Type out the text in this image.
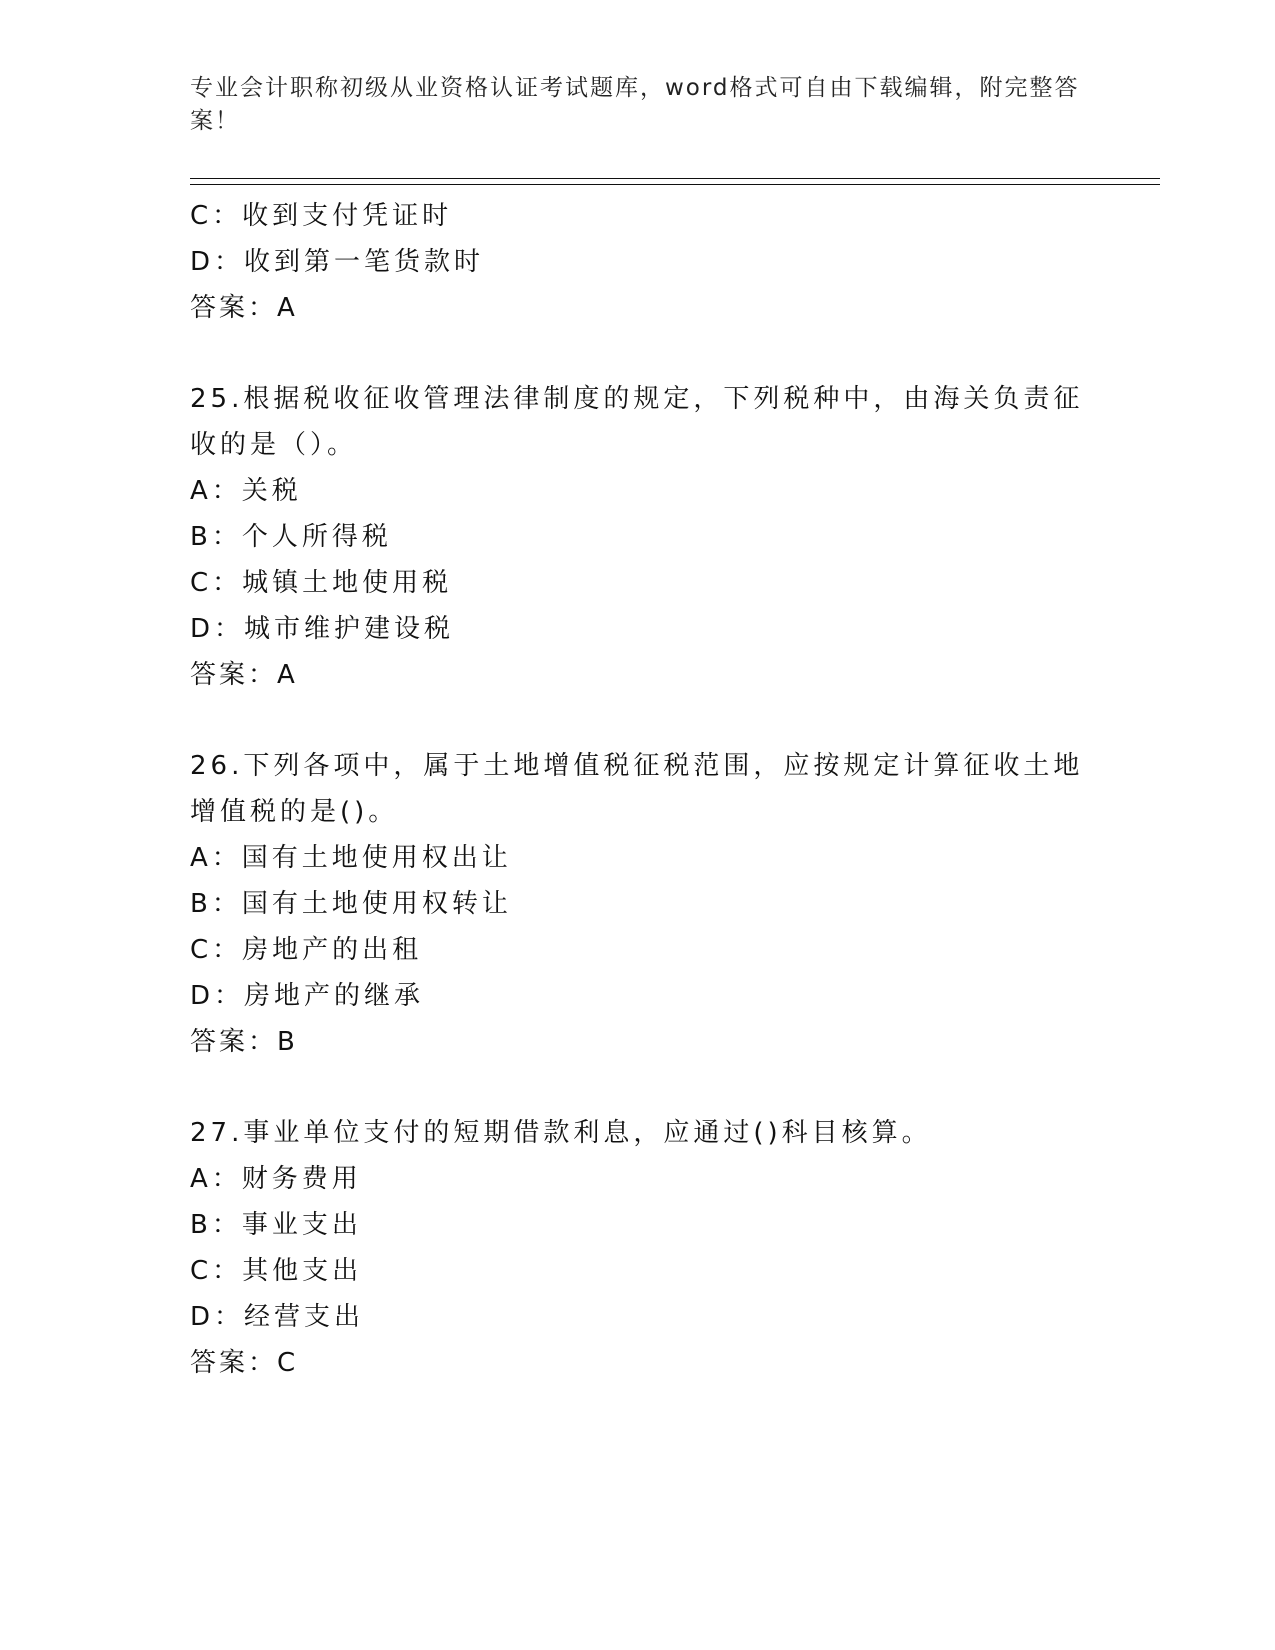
专业会计职称初级从业资格认证考试题库，word格式可自由下载编辑，附完整答案！
C：收到支付凭证时
D：收到第一笔货款时
答案：A
25.根据税收征收管理法律制度的规定，下列税种中，由海关负责征收的是（）。
A：关税
B：个人所得税
C：城镇土地使用税
D：城市维护建设税
答案：A
26.下列各项中，属于土地增值税征税范围，应按规定计算征收土地增值税的是()。
A：国有土地使用权出让
B：国有土地使用权转让
C：房地产的出租
D：房地产的继承
答案：B
27.事业单位支付的短期借款利息，应通过()科目核算。
A：财务费用
B：事业支出
C：其他支出
D：经营支出
答案：C
